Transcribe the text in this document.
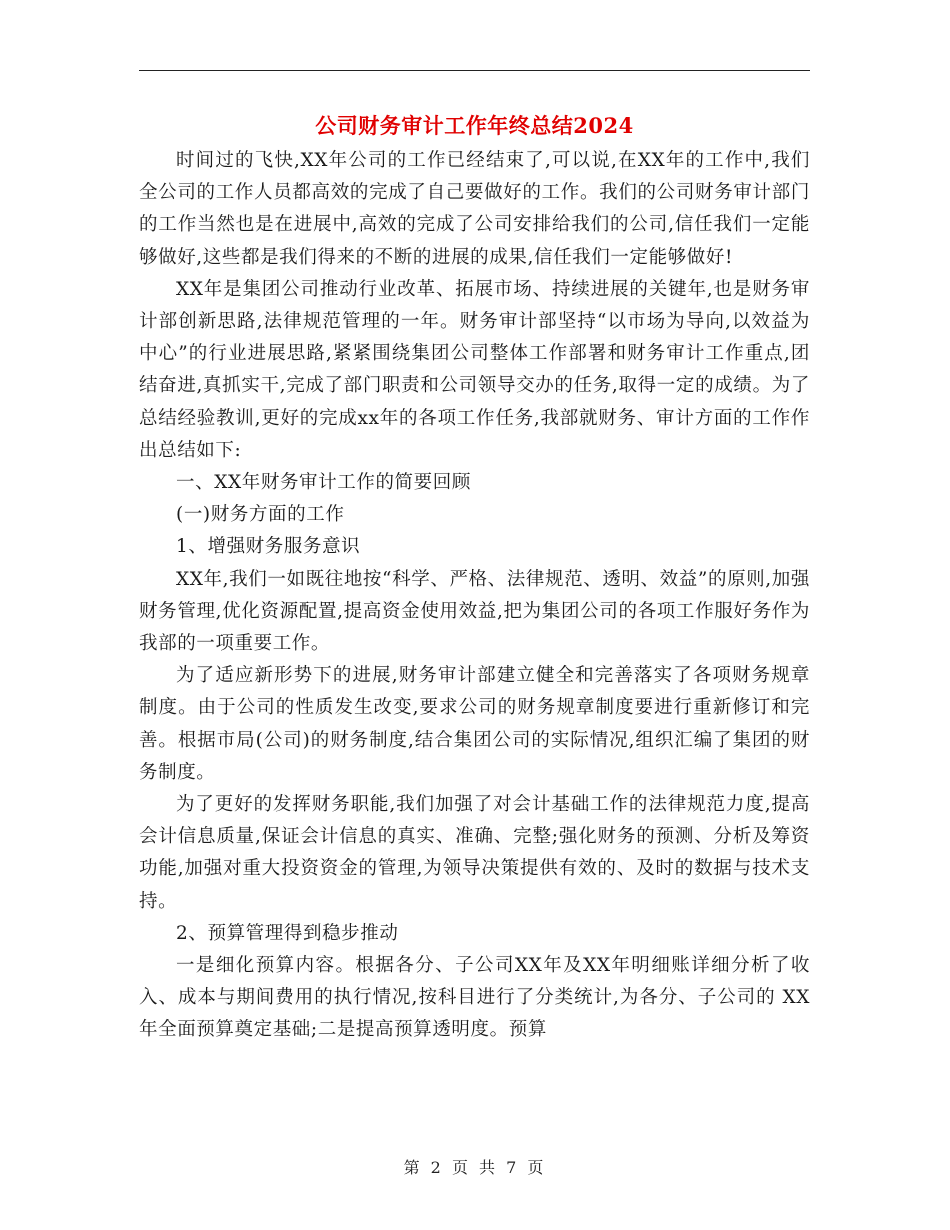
公司财务审计工作年终总结2024

时间过的飞快,XX年公司的工作已经结束了,可以说,在XX年的工作中,我们全公司的工作人员都高效的完成了自己要做好的工作。我们的公司财务审计部门的工作当然也是在进展中,高效的完成了公司安排给我们的公司,信任我们一定能够做好,这些都是我们得来的不断的进展的成果,信任我们一定能够做好!

XX年是集团公司推动行业改革、拓展市场、持续进展的关键年,也是财务审计部创新思路,法律规范管理的一年。财务审计部坚持“以市场为导向,以效益为中心”的行业进展思路,紧紧围绕集团公司整体工作部署和财务审计工作重点,团结奋进,真抓实干,完成了部门职责和公司领导交办的任务,取得一定的成绩。为了总结经验教训,更好的完成xx年的各项工作任务,我部就财务、审计方面的工作作出总结如下:

一、XX年财务审计工作的简要回顾

(一)财务方面的工作

1、增强财务服务意识

XX年,我们一如既往地按“科学、严格、法律规范、透明、效益”的原则,加强财务管理,优化资源配置,提高资金使用效益,把为集团公司的各项工作服好务作为我部的一项重要工作。

为了适应新形势下的进展,财务审计部建立健全和完善落实了各项财务规章制度。由于公司的性质发生改变,要求公司的财务规章制度要进行重新修订和完善。根据市局(公司)的财务制度,结合集团公司的实际情况,组织汇编了集团的财务制度。

为了更好的发挥财务职能,我们加强了对会计基础工作的法律规范力度,提高会计信息质量,保证会计信息的真实、准确、完整;强化财务的预测、分析及筹资功能,加强对重大投资资金的管理,为领导决策提供有效的、及时的数据与技术支持。

2、预算管理得到稳步推动

一是细化预算内容。根据各分、子公司XX年及XX年明细账详细分析了收入、成本与期间费用的执行情况,按科目进行了分类统计,为各分、子公司的 XX年全面预算奠定基础;二是提高预算透明度。预算

第 2 页 共 7 页
